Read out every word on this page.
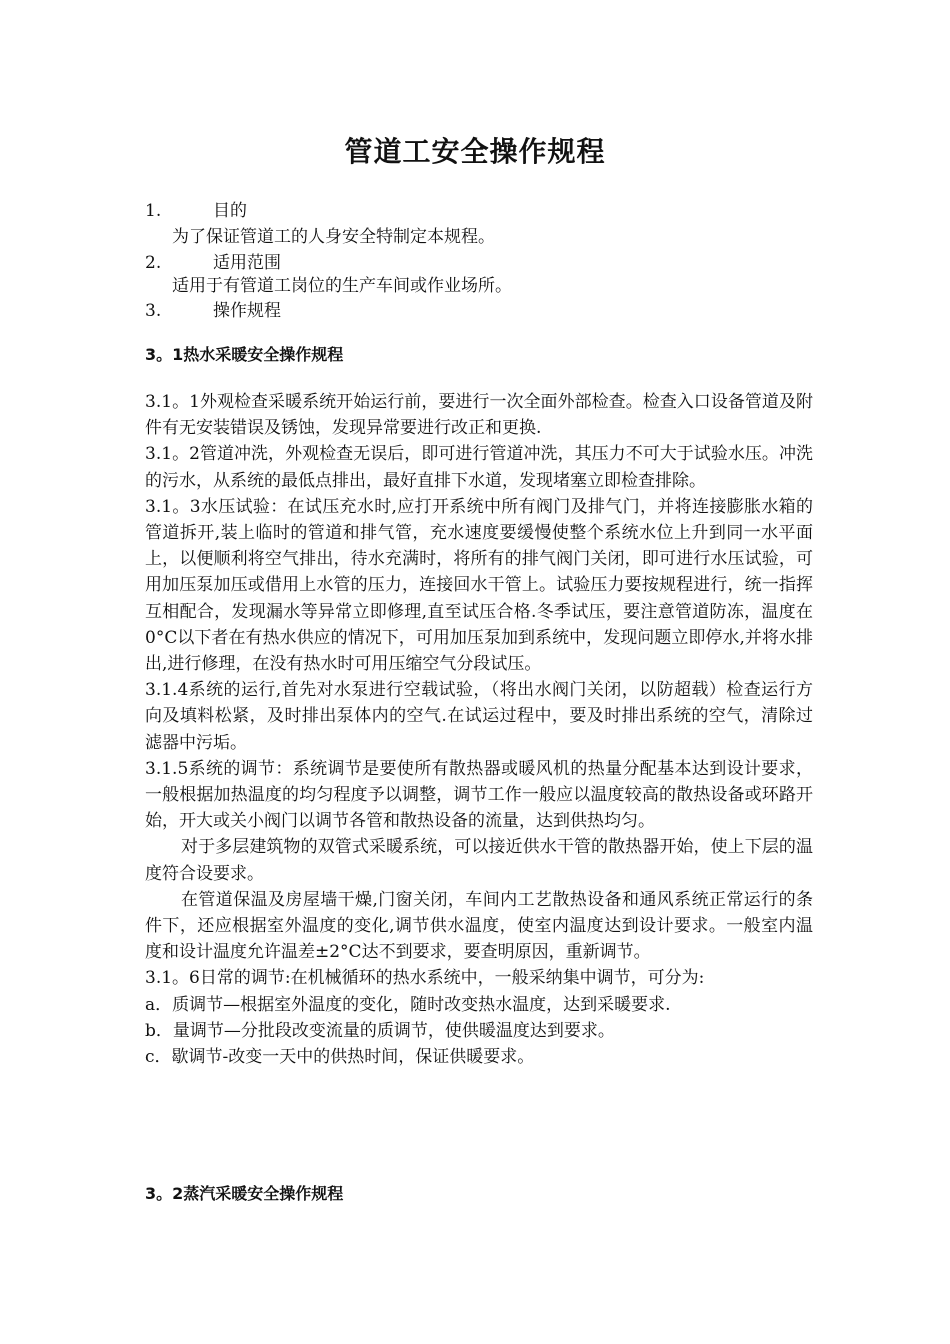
管道工安全操作规程
1.	目的
为了保证管道工的人身安全特制定本规程。
2.	适用范围
适用于有管道工岗位的生产车间或作业场所。
3.	操作规程
3。1热水采暖安全操作规程

3.1。1外观检查采暖系统开始运行前，要进行一次全面外部检查。检查入口设备管道及附件有无安装错误及锈蚀，发现异常要进行改正和更换.

3.1。2管道冲洗，外观检查无误后，即可进行管道冲洗，其压力不可大于试验水压。冲洗的污水，从系统的最低点排出，最好直排下水道，发现堵塞立即检查排除。

3.1。3水压试验：在试压充水时,应打开系统中所有阀门及排气门，并将连接膨胀水箱的管道拆开,装上临时的管道和排气管，充水速度要缓慢使整个系统水位上升到同一水平面上，以便顺利将空气排出，待水充满时，将所有的排气阀门关闭，即可进行水压试验，可用加压泵加压或借用上水管的压力，连接回水干管上。试验压力要按规程进行，统一指挥互相配合，发现漏水等异常立即修理,直至试压合格.冬季试压，要注意管道防冻，温度在0°C以下者在有热水供应的情况下，可用加压泵加到系统中，发现问题立即停水,并将水排出,进行修理，在没有热水时可用压缩空气分段试压。

3.1.4系统的运行,首先对水泵进行空载试验，（将出水阀门关闭，以防超载）检查运行方向及填料松紧，及时排出泵体内的空气.在试运过程中，要及时排出系统的空气，清除过滤器中污垢。

3.1.5系统的调节：系统调节是要使所有散热器或暖风机的热量分配基本达到设计要求，一般根据加热温度的均匀程度予以调整，调节工作一般应以温度较高的散热设备或环路开始，开大或关小阀门以调节各管和散热设备的流量，达到供热均匀。

对于多层建筑物的双管式采暖系统，可以接近供水干管的散热器开始，使上下层的温度符合设要求。

在管道保温及房屋墙干燥,门窗关闭，车间内工艺散热设备和通风系统正常运行的条件下，还应根据室外温度的变化,调节供水温度，使室内温度达到设计要求。一般室内温度和设计温度允许温差±2°C达不到要求，要查明原因，重新调节。

3.1。6日常的调节:在机械循环的热水系统中，一般采纳集中调节，可分为:

a．质调节—根据室外温度的变化，随时改变热水温度，达到采暖要求.

b．量调节—分批段改变流量的质调节，使供暖温度达到要求。

c．歇调节-改变一天中的供热时间，保证供暖要求。

3。2蒸汽采暖安全操作规程
